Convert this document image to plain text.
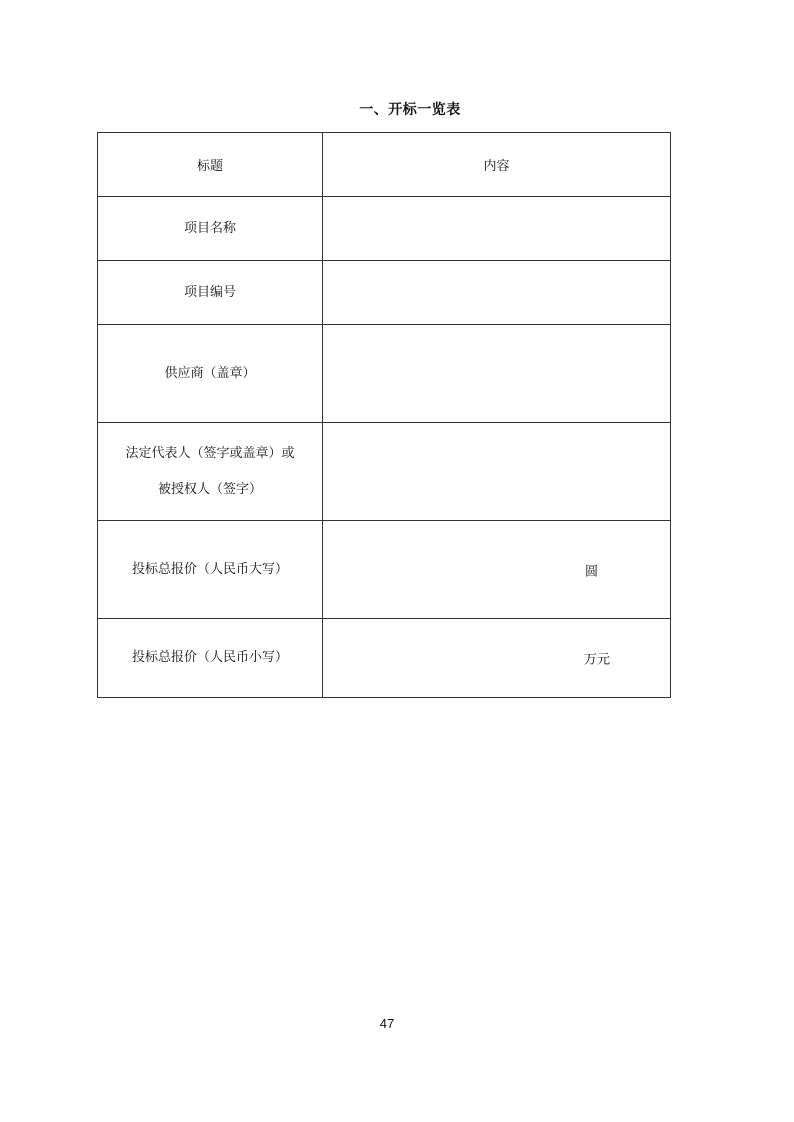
一、开标一览表
标题	内容

项目名称	

项目编号	

供应商（盖章）	

法定代表人（签字或盖章）或
被授权人（签字）	

投标总报价（人民币大写）	圆

投标总报价（人民币小写）	万元
47
